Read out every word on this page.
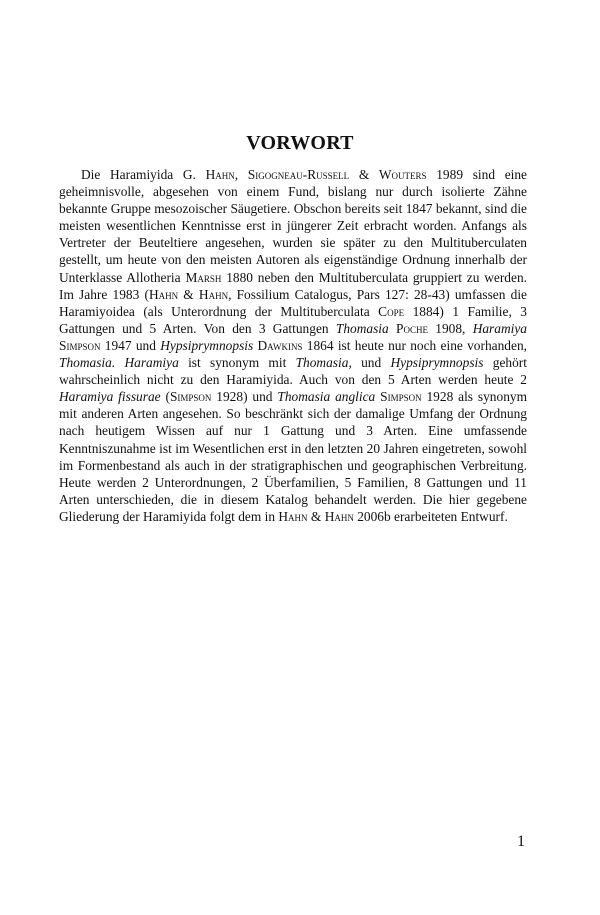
VORWORT

Die Haramiyida G. Hahn, Sigogneau-Russell & Wouters 1989 sind eine geheimnisvolle, abgesehen von einem Fund, bislang nur durch isolierte Zähne bekannte Gruppe mesozoischer Säugetiere. Obschon bereits seit 1847 bekannt, sind die meisten wesentlichen Kenntnisse erst in jüngerer Zeit erbracht worden. Anfangs als Vertreter der Beuteltiere angesehen, wurden sie später zu den Multituberculaten gestellt, um heute von den meisten Autoren als eigenständige Ordnung innerhalb der Unterklasse Allotheria Marsh 1880 neben den Multituberculata gruppiert zu werden. Im Jahre 1983 (Hahn & Hahn, Fossilium Catalogus, Pars 127: 28-43) umfassen die Haramiyoidea (als Unterordnung der Multituberculata Cope 1884) 1 Familie, 3 Gattungen und 5 Arten. Von den 3 Gattungen Thomasia Poche 1908, Haramiya Simpson 1947 und Hypsiprymnopsis Dawkins 1864 ist heute nur noch eine vorhanden, Thomasia. Haramiya ist synonym mit Thomasia, und Hypsiprymnopsis gehört wahrscheinlich nicht zu den Haramiyida. Auch von den 5 Arten werden heute 2 Haramiya fissurae (Simpson 1928) und Thomasia anglica Simpson 1928 als synonym mit anderen Arten angesehen. So beschränkt sich der damalige Umfang der Ordnung nach heutigem Wissen auf nur 1 Gattung und 3 Arten. Eine umfassende Kenntniszunahme ist im Wesentlichen erst in den letzten 20 Jahren eingetreten, sowohl im Formenbestand als auch in der stratigraphischen und geographischen Verbreitung. Heute werden 2 Unterordnungen, 2 Überfamilien, 5 Familien, 8 Gattungen und 11 Arten unterschieden, die in diesem Katalog behandelt werden. Die hier gegebene Gliederung der Haramiyida folgt dem in Hahn & Hahn 2006b erarbeiteten Entwurf.

1
